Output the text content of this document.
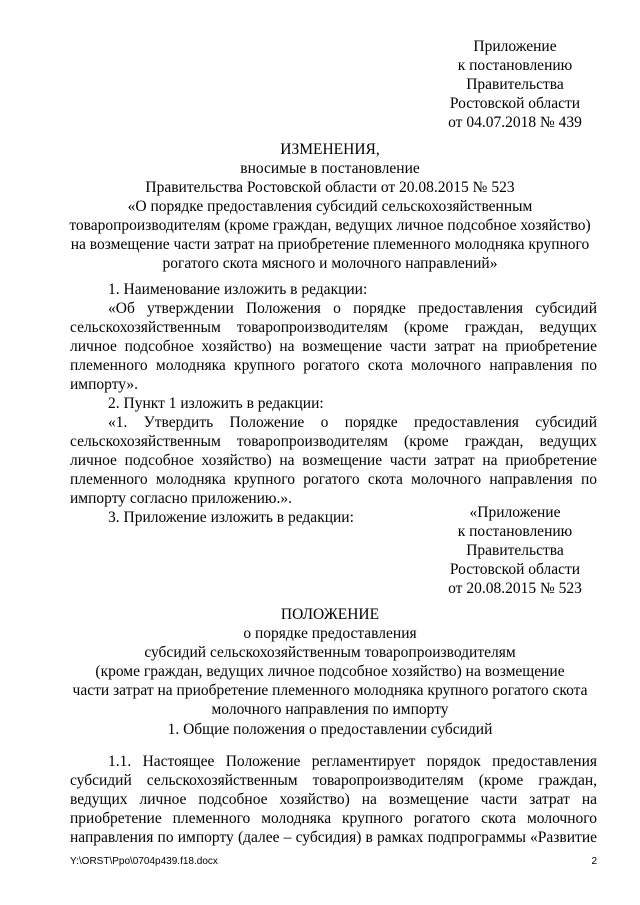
Приложение
к постановлению
Правительства
Ростовской области
от 04.07.2018 № 439
ИЗМЕНЕНИЯ,
вносимые в постановление
Правительства Ростовской области от 20.08.2015 № 523
«О порядке предоставления субсидий сельскохозяйственным
товаропроизводителям (кроме граждан, ведущих личное подсобное хозяйство)
на возмещение части затрат на приобретение племенного молодняка крупного
рогатого скота мясного и молочного направлений»
1. Наименование изложить в редакции:
«Об утверждении Положения о порядке предоставления субсидий сельскохозяйственным товаропроизводителям (кроме граждан, ведущих личное подсобное хозяйство) на возмещение части затрат на приобретение племенного молодняка крупного рогатого скота молочного направления по импорту».
2. Пункт 1 изложить в редакции:
«1. Утвердить Положение о порядке предоставления субсидий сельскохозяйственным товаропроизводителям (кроме граждан, ведущих личное подсобное хозяйство) на возмещение части затрат на приобретение племенного молодняка крупного рогатого скота молочного направления по импорту согласно приложению.».
3. Приложение изложить в редакции:	«Приложение
к постановлению
Правительства
Ростовской области
от 20.08.2015 № 523
ПОЛОЖЕНИЕ
о порядке предоставления
субсидий сельскохозяйственным товаропроизводителям
(кроме граждан, ведущих личное подсобное хозяйство) на возмещение
части затрат на приобретение племенного молодняка крупного рогатого скота
молочного направления по импорту
1. Общие положения о предоставлении субсидий
1.1. Настоящее Положение регламентирует порядок предоставления субсидий сельскохозяйственным товаропроизводителям (кроме граждан, ведущих личное подсобное хозяйство) на возмещение части затрат на приобретение племенного молодняка крупного рогатого скота молочного направления по импорту (далее – субсидия) в рамках подпрограммы «Развитие
Y:\ORST\Ppo\0704p439.f18.docx	2
